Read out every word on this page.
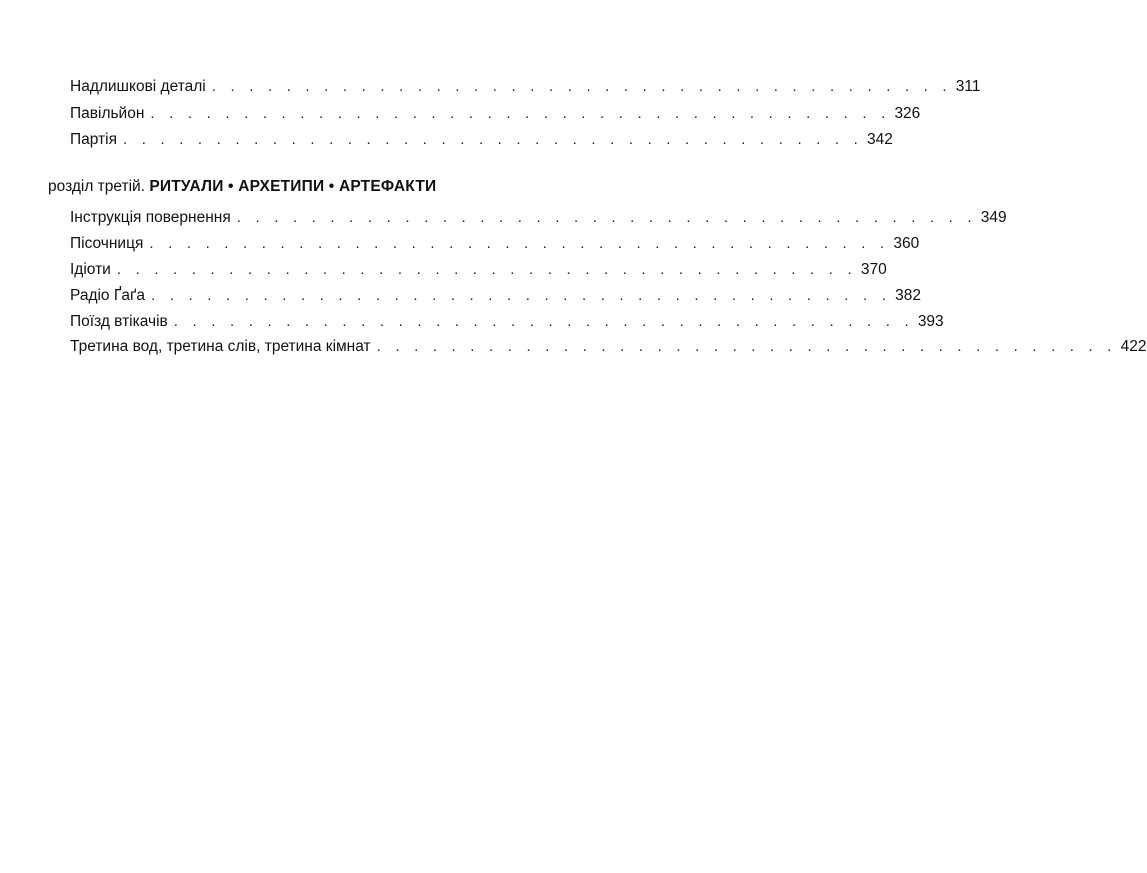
Надлишкові деталі . . . . . . . . . . . . . . . . . . . . . . . . . . . . . . . . . . . . . . . . 311
Павільйон . . . . . . . . . . . . . . . . . . . . . . . . . . . . . . . . . . . . . . . . 326
Партія . . . . . . . . . . . . . . . . . . . . . . . . . . . . . . . . . . . . . . . . 342
розділ третій. РИТУАЛИ • АРХЕТИПИ • АРТЕФАКТИ
Інструкція повернення . . . . . . . . . . . . . . . . . . . . . . . . . . . . . . . . . . . . . . . . 349
Пісочниця . . . . . . . . . . . . . . . . . . . . . . . . . . . . . . . . . . . . . . . . 360
Ідіоти . . . . . . . . . . . . . . . . . . . . . . . . . . . . . . . . . . . . . . . . 370
Радіо Ґаґа . . . . . . . . . . . . . . . . . . . . . . . . . . . . . . . . . . . . . . . . 382
Поїзд втікачів . . . . . . . . . . . . . . . . . . . . . . . . . . . . . . . . . . . . . . . . 393
Третина вод, третина слів, третина кімнат . . . . . . . . . . . . . . . . . . . . . . . . . . . . . . . . . . . . . . . . 422
